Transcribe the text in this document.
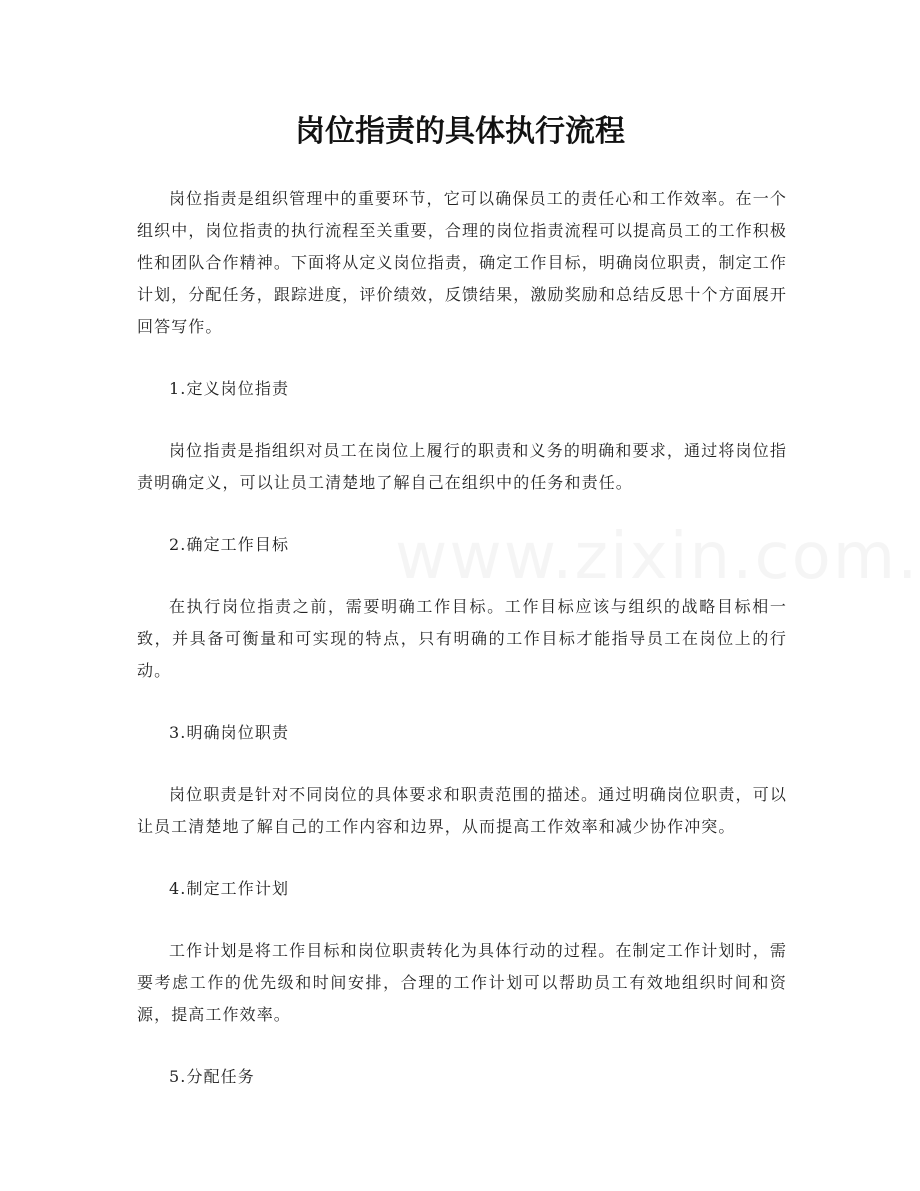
岗位指责的具体执行流程

岗位指责是组织管理中的重要环节，它可以确保员工的责任心和工作效率。在一个组织中，岗位指责的执行流程至关重要，合理的岗位指责流程可以提高员工的工作积极性和团队合作精神。下面将从定义岗位指责，确定工作目标，明确岗位职责，制定工作计划，分配任务，跟踪进度，评价绩效，反馈结果，激励奖励和总结反思十个方面展开回答写作。

1.定义岗位指责

岗位指责是指组织对员工在岗位上履行的职责和义务的明确和要求，通过将岗位指责明确定义，可以让员工清楚地了解自己在组织中的任务和责任。

2.确定工作目标

在执行岗位指责之前，需要明确工作目标。工作目标应该与组织的战略目标相一致，并具备可衡量和可实现的特点，只有明确的工作目标才能指导员工在岗位上的行动。

3.明确岗位职责

岗位职责是针对不同岗位的具体要求和职责范围的描述。通过明确岗位职责，可以让员工清楚地了解自己的工作内容和边界，从而提高工作效率和减少协作冲突。

4.制定工作计划

工作计划是将工作目标和岗位职责转化为具体行动的过程。在制定工作计划时，需要考虑工作的优先级和时间安排，合理的工作计划可以帮助员工有效地组织时间和资源，提高工作效率。

5.分配任务
